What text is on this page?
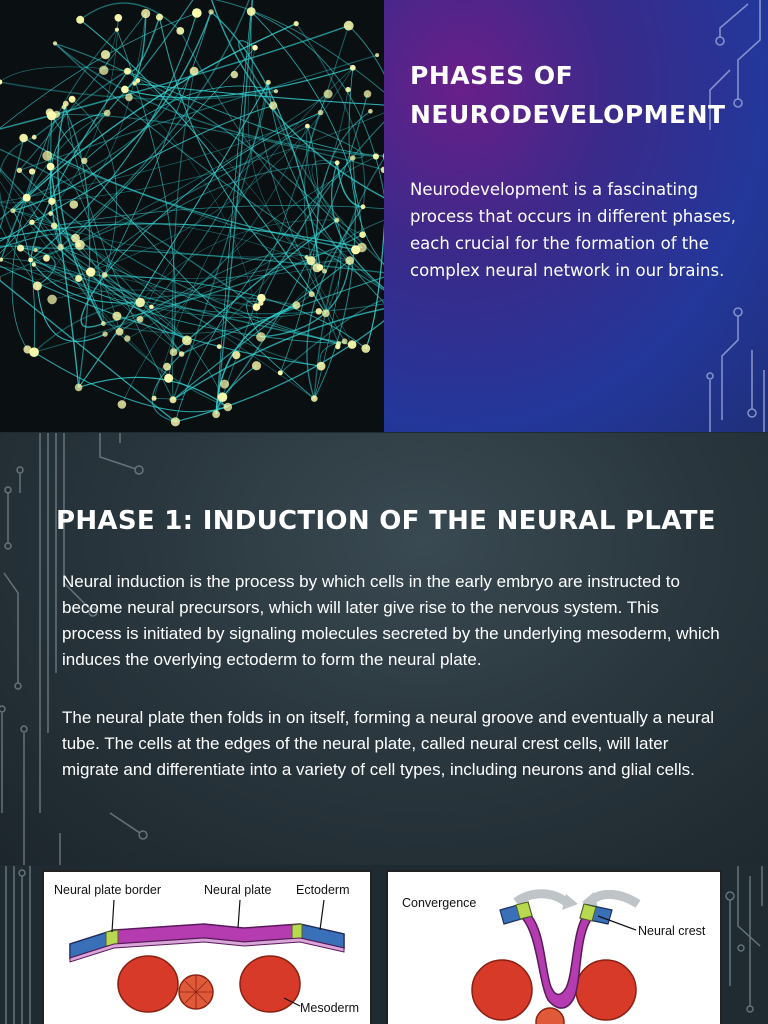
PHASES OF NEURODEVELOPMENT

Neurodevelopment is a fascinating process that occurs in different phases, each crucial for the formation of the complex neural network in our brains.

PHASE 1: INDUCTION OF THE NEURAL PLATE

Neural induction is the process by which cells in the early embryo are instructed to become neural precursors, which will later give rise to the nervous system. This process is initiated by signaling molecules secreted by the underlying mesoderm, which induces the overlying ectoderm to form the neural plate.

The neural plate then folds in on itself, forming a neural groove and eventually a neural tube. The cells at the edges of the neural plate, called neural crest cells, will later migrate and differentiate into a variety of cell types, including neurons and glial cells.

Neural plate border	Neural plate Ectoderm
Mesoderm
Convergence
Neural crest
